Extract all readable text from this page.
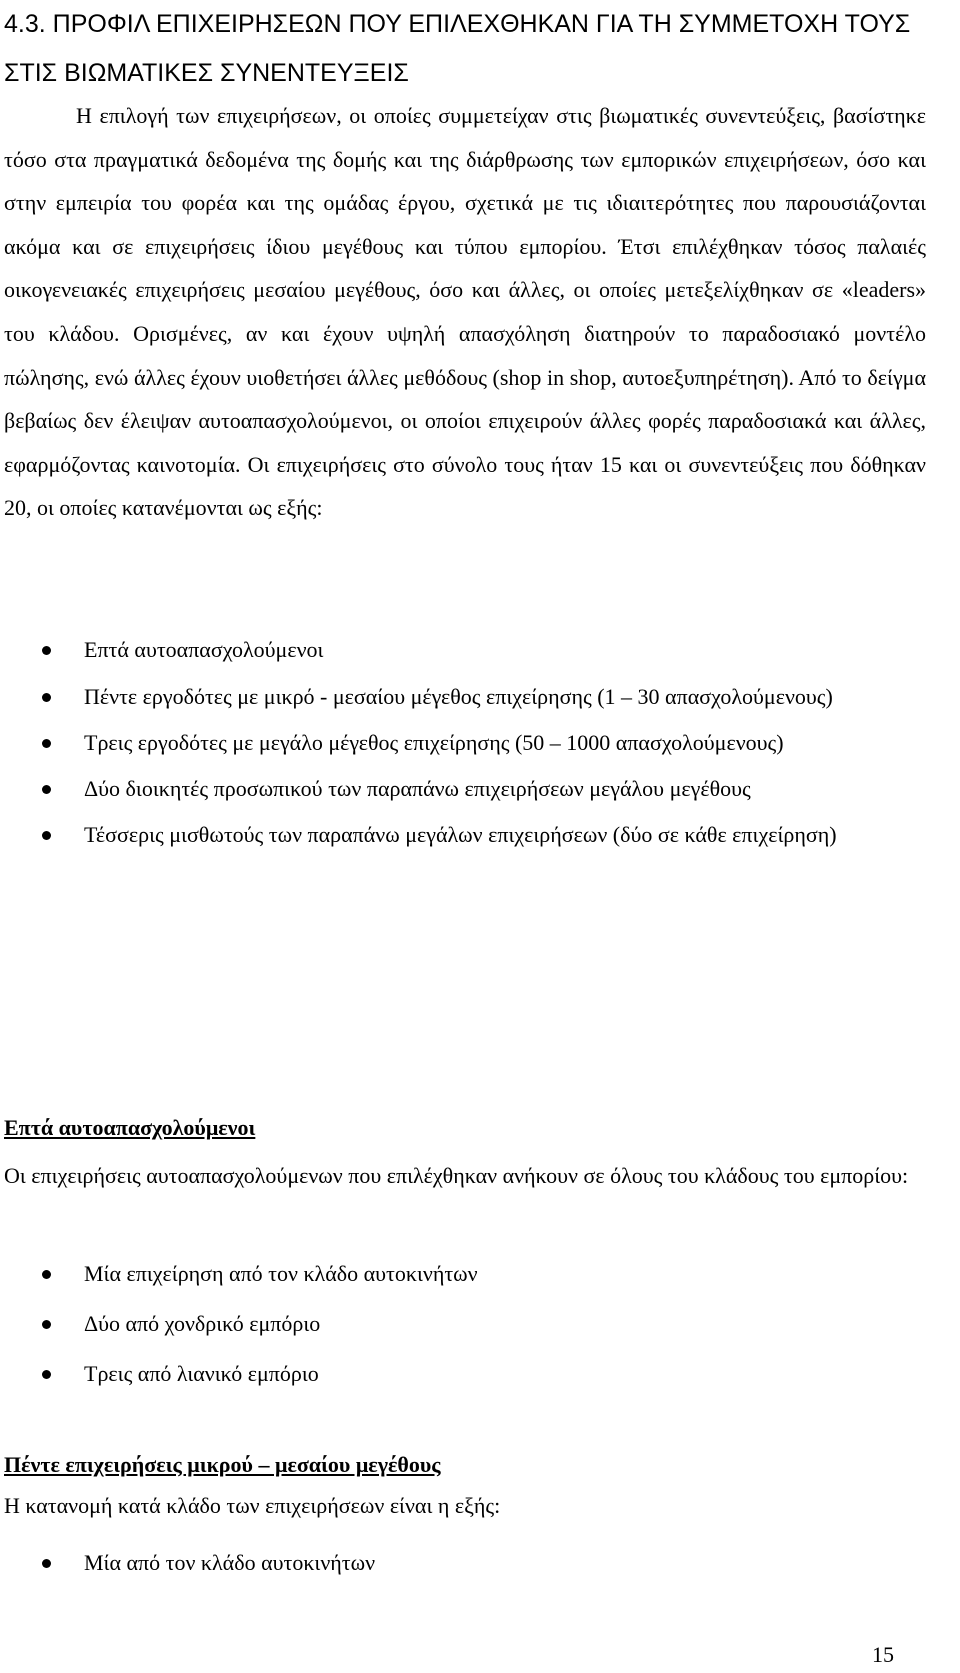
4.3. ΠΡΟΦΙΛ ΕΠΙΧΕΙΡΗΣΕΩΝ ΠΟΥ ΕΠΙΛΕΧΘΗΚΑΝ ΓΙΑ ΤΗ ΣΥΜΜΕΤΟΧΗ ΤΟΥΣ ΣΤΙΣ ΒΙΩΜΑΤΙΚΕΣ ΣΥΝΕΝΤΕΥΞΕΙΣ

Η επιλογή των επιχειρήσεων, οι οποίες συμμετείχαν στις βιωματικές συνεντεύξεις, βασίστηκε τόσο στα πραγματικά δεδομένα της δομής και της διάρθρωσης των εμπορικών επιχειρήσεων, όσο και στην εμπειρία του φορέα και της ομάδας έργου, σχετικά με τις ιδιαιτερότητες που παρουσιάζονται ακόμα και σε επιχειρήσεις ίδιου μεγέθους και τύπου εμπορίου. Έτσι επιλέχθηκαν τόσος παλαιές οικογενειακές επιχειρήσεις μεσαίου μεγέθους, όσο και άλλες, οι οποίες μετεξελίχθηκαν σε «leaders» του κλάδου. Ορισμένες, αν και έχουν υψηλή απασχόληση διατηρούν το παραδοσιακό μοντέλο πώλησης, ενώ άλλες έχουν υιοθετήσει άλλες μεθόδους (shop in shop, αυτοεξυπηρέτηση). Από το δείγμα βεβαίως δεν έλειψαν αυτοαπασχολούμενοι, οι οποίοι επιχειρούν άλλες φορές παραδοσιακά και άλλες, εφαρμόζοντας καινοτομία. Οι επιχειρήσεις στο σύνολο τους ήταν 15 και οι συνεντεύξεις που δόθηκαν 20, οι οποίες κατανέμονται ως εξής:

Επτά αυτοαπασχολούμενοι
Πέντε εργοδότες με μικρό - μεσαίου μέγεθος επιχείρησης (1 – 30 απασχολούμενους)
Τρεις εργοδότες με μεγάλο μέγεθος επιχείρησης (50 – 1000 απασχολούμενους)
Δύο διοικητές προσωπικού των παραπάνω επιχειρήσεων μεγάλου μεγέθους
Τέσσερις μισθωτούς των παραπάνω μεγάλων επιχειρήσεων (δύο σε κάθε επιχείρηση)
Επτά αυτοαπασχολούμενοι

Οι επιχειρήσεις αυτοαπασχολούμενων που επιλέχθηκαν ανήκουν σε όλους του κλάδους του εμπορίου:

Μία επιχείρηση από τον κλάδο αυτοκινήτων
Δύο από χονδρικό εμπόριο
Τρεις από λιανικό εμπόριο
Πέντε επιχειρήσεις μικρού – μεσαίου μεγέθους

Η κατανομή κατά κλάδο των επιχειρήσεων είναι η εξής:

Μία από τον κλάδο αυτοκινήτων
15
